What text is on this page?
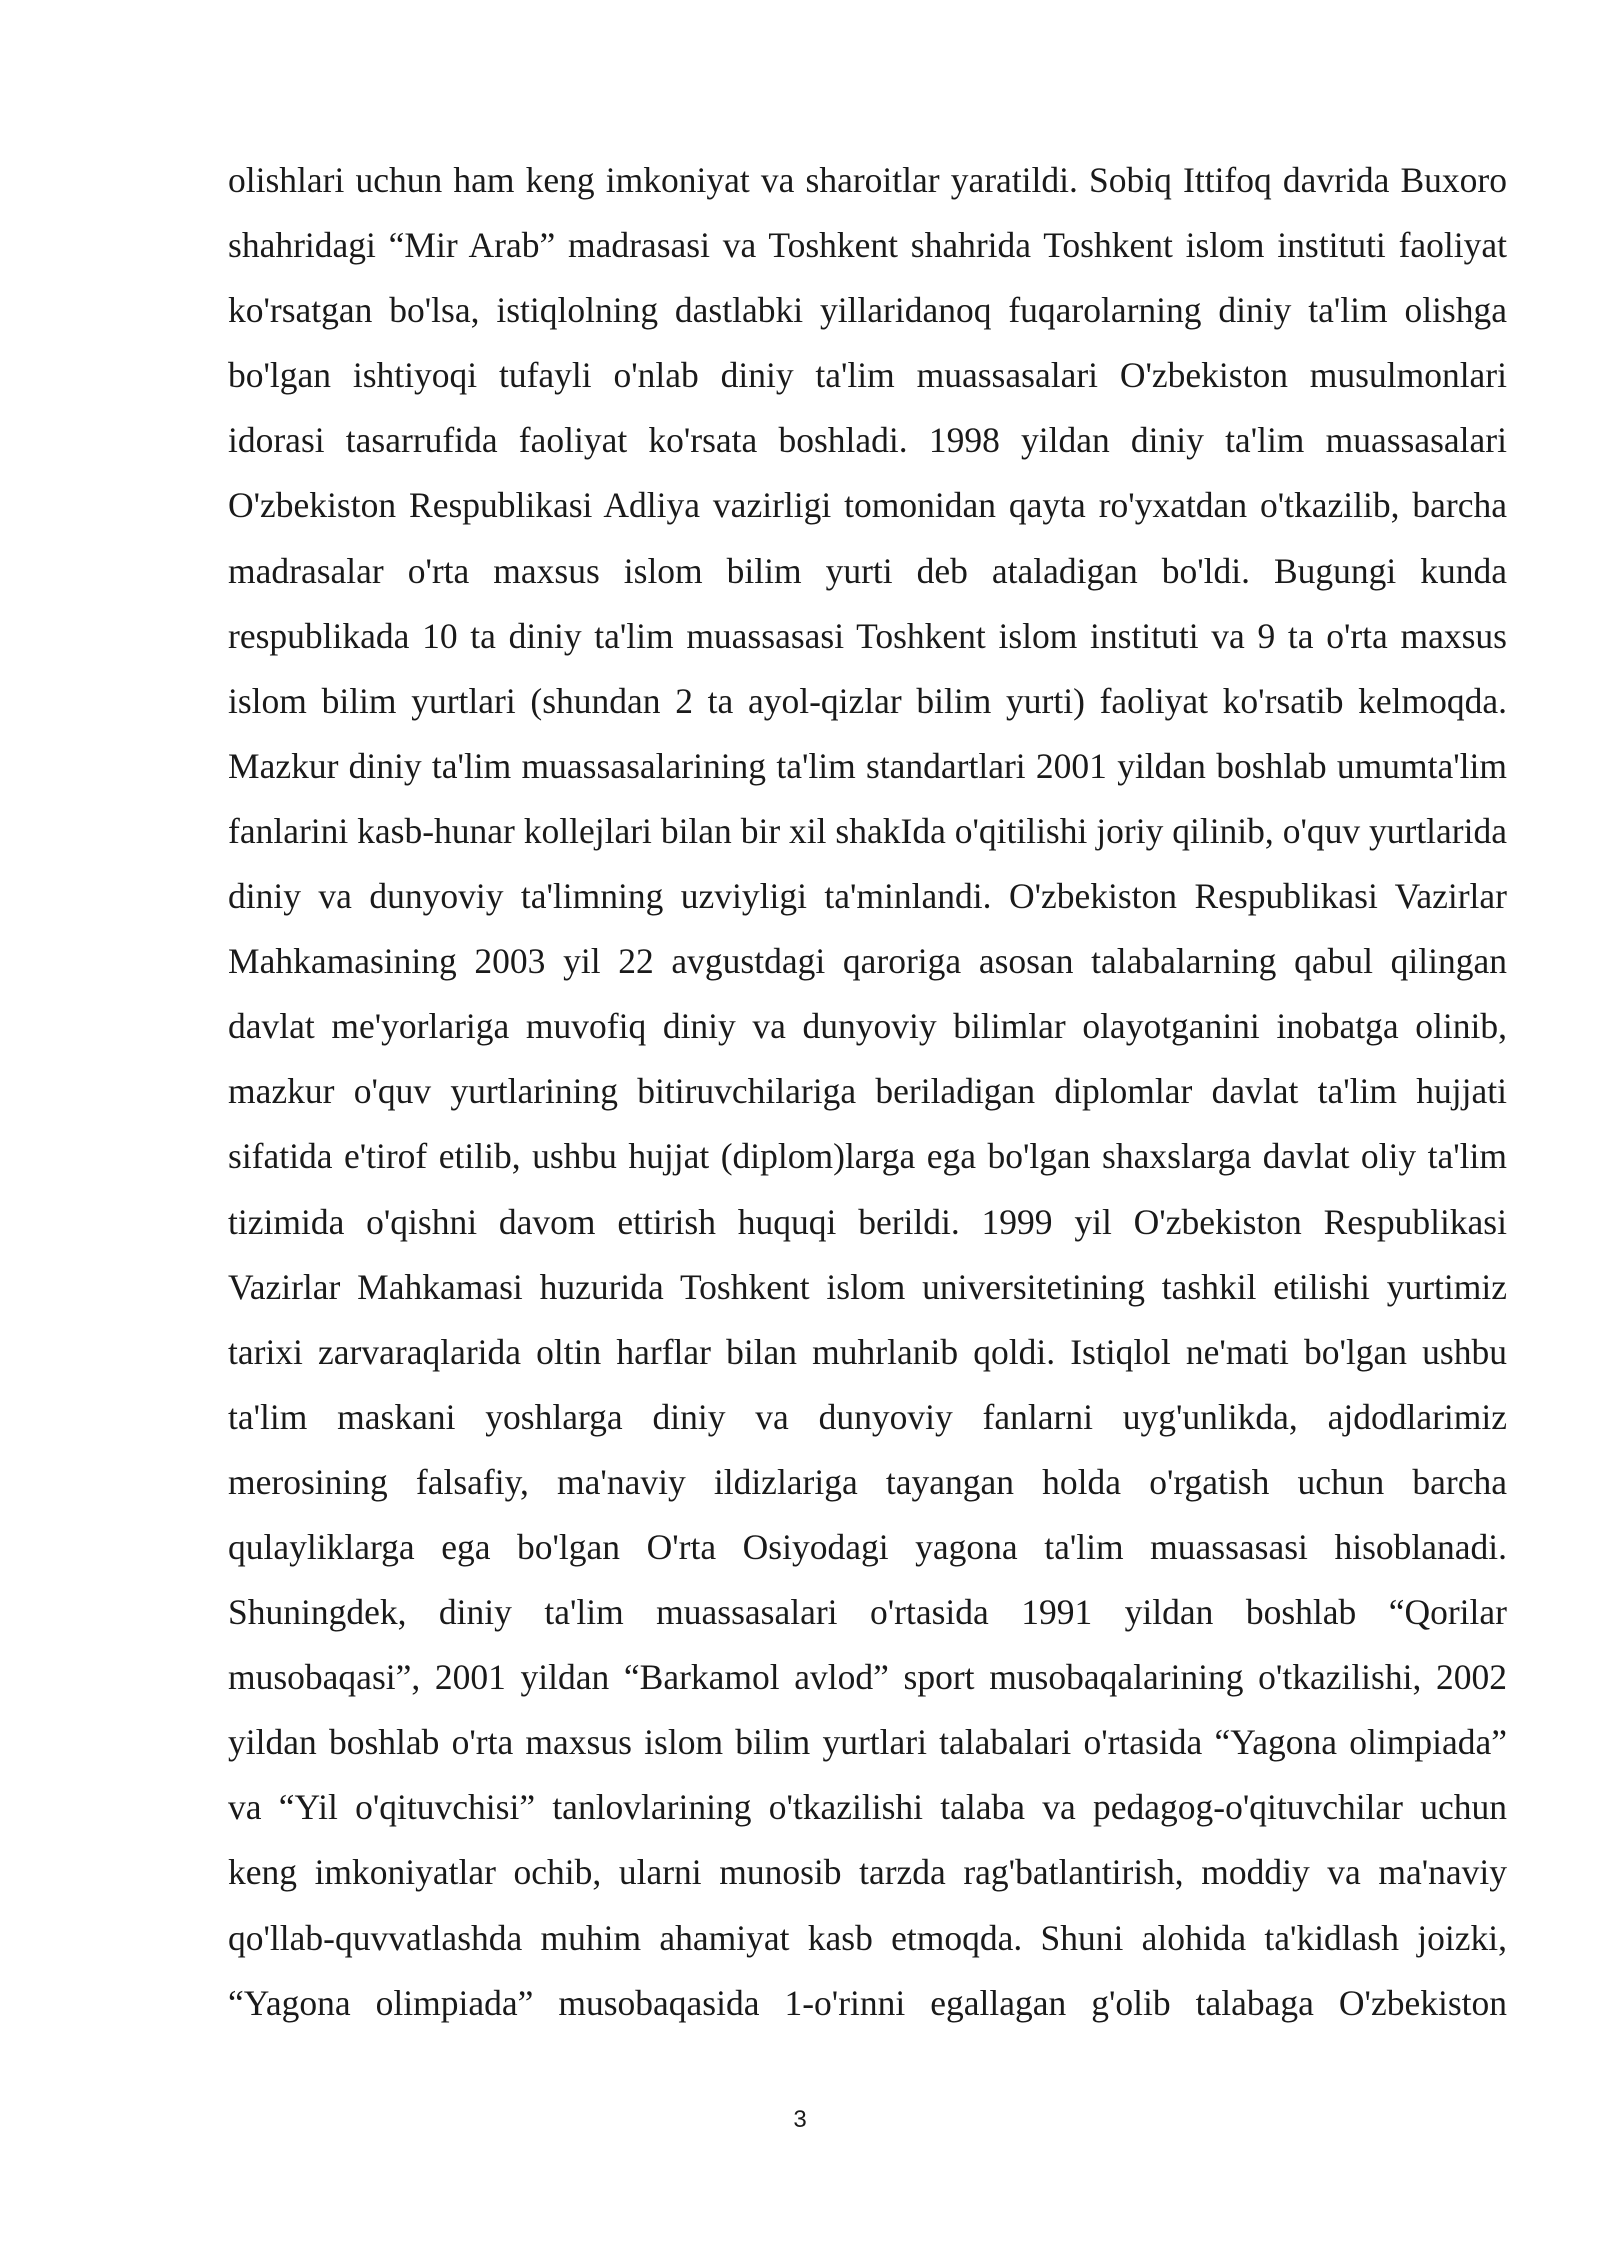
olishlari uchun ham keng imkoniyat va sharoitlar yaratildi. Sobiq Ittifoq davrida Buxoro shahridagi “Mir Arab” madrasasi va Toshkent shahrida Toshkent islom instituti faoliyat ko'rsatgan bo'lsa, istiqlolning dastlabki yillaridanoq fuqarolarning diniy ta'lim olishga bo'lgan ishtiyoqi tufayli o'nlab diniy ta'lim muassasalari O'zbekiston musulmonlari idorasi tasarrufida faoliyat ko'rsata boshladi. 1998 yildan diniy ta'lim muassasalari O'zbekiston Respublikasi Adliya vazirligi tomonidan qayta ro'yxatdan o'tkazilib, barcha madrasalar o'rta maxsus islom bilim yurti deb ataladigan bo'ldi. Bugungi kunda respublikada 10 ta diniy ta'lim muassasasi Toshkent islom instituti va 9 ta o'rta maxsus islom bilim yurtlari (shundan 2 ta ayol-qizlar bilim yurti) faoliyat ko'rsatib kelmoqda. Mazkur diniy ta'lim muassasalarining ta'lim standartlari 2001 yildan boshlab umumta'lim fanlarini kasb-hunar kollejlari bilan bir xil shakIda o'qitilishi joriy qilinib, o'quv yurtlarida diniy va dunyoviy ta'limning uzviyligi ta'minlandi. O'zbekiston Respublikasi Vazirlar Mahkamasining 2003 yil 22 avgustdagi qaroriga asosan talabalarning qabul qilingan davlat me'yorlariga muvofiq diniy va dunyoviy bilimlar olayotganini inobatga olinib, mazkur o'quv yurtlarining bitiruvchilariga beriladigan diplomlar davlat ta'lim hujjati sifatida e'tirof etilib, ushbu hujjat (diplom)larga ega bo'lgan shaxslarga davlat oliy ta'lim tizimida o'qishni davom ettirish huquqi berildi. 1999 yil O'zbekiston Respublikasi Vazirlar Mahkamasi huzurida Toshkent islom universitetining tashkil etilishi yurtimiz tarixi zarvaraqlarida oltin harflar bilan muhrlanib qoldi. Istiqlol ne'mati bo'lgan ushbu ta'lim maskani yoshlarga diniy va dunyoviy fanlarni uyg'unlikda, ajdodlarimiz merosining falsafiy, ma'naviy ildizlariga tayangan holda o'rgatish uchun barcha qulayliklarga ega bo'lgan O'rta Osiyodagi yagona ta'lim muassasasi hisoblanadi. Shuningdek, diniy ta'lim muassasalari o'rtasida 1991 yildan boshlab “Qorilar musobaqasi”, 2001 yildan “Barkamol avlod” sport musobaqalarining o'tkazilishi, 2002 yildan boshlab o'rta maxsus islom bilim yurtlari talabalari o'rtasida “Yagona olimpiada” va “Yil o'qituvchisi” tanlovlarining o'tkazilishi talaba va pedagog-o'qituvchilar uchun keng imkoniyatlar ochib, ularni munosib tarzda rag'batlantirish, moddiy va ma'naviy qo'llab-quvvatlashda muhim ahamiyat kasb etmoqda. Shuni alohida ta'kidlash joizki, “Yagona olimpiada” musobaqasida 1-o'rinni egallagan g'olib talabaga O'zbekiston

3
